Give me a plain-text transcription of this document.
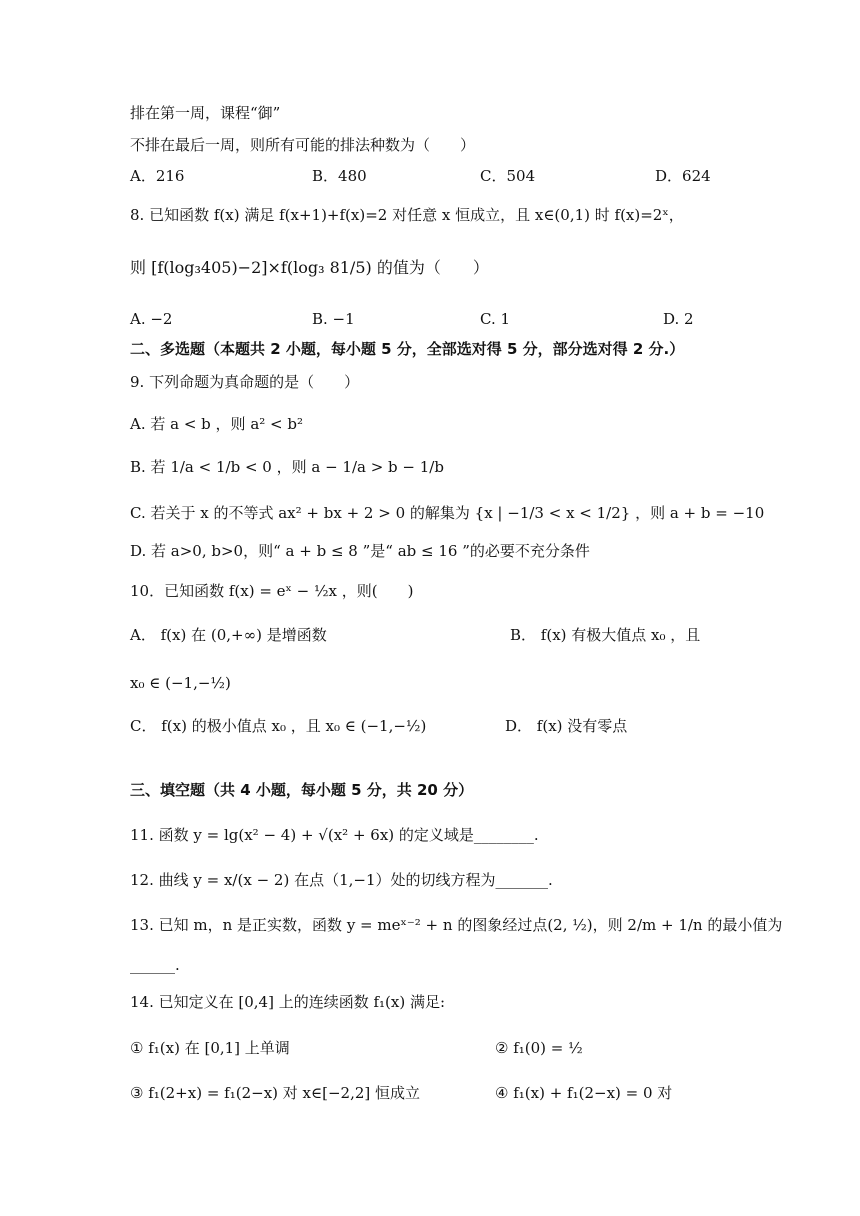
排在第一周，课程“御”
不排在最后一周，则所有可能的排法种数为（　　）
A．216	B．480	C．504	D．624
8. 已知函数 f(x) 满足 f(x+1)+f(x)=2 对任意 x 恒成立，且 x∈(0,1) 时 f(x)=2ˣ，
则 [f(log₃405)−2]×f(log₃ 81/5) 的值为（　　）
A. −2	B. −1	C. 1	D. 2
二、多选题（本题共 2 小题，每小题 5 分，全部选对得 5 分，部分选对得 2 分.）
9. 下列命题为真命题的是（　　）
A. 若 a < b ，则 a² < b²
B. 若 1/a < 1/b < 0 ，则 a − 1/a > b − 1/b
C. 若关于 x 的不等式 ax² + bx + 2 > 0 的解集为 {x | −1/3 < x < 1/2} ，则 a + b = −10
D. 若 a>0, b>0，则“ a + b ≤ 8 ”是“ ab ≤ 16 ”的必要不充分条件
10．已知函数 f(x) = eˣ − ½x ，则(　　)
A． f(x) 在 (0,+∞) 是增函数	B． f(x) 有极大值点 x₀ ，且
x₀ ∈ (−1,−½)
C． f(x) 的极小值点 x₀ ，且 x₀ ∈ (−1,−½)	D． f(x) 没有零点
三、填空题（共 4 小题，每小题 5 分，共 20 分）
11. 函数 y = lg(x² − 4) + √(x² + 6x) 的定义域是________.
12. 曲线 y = x/(x − 2) 在点（1,−1）处的切线方程为_______.
13. 已知 m，n 是正实数，函数 y = meˣ⁻² + n 的图象经过点(2, ½)，则 2/m + 1/n 的最小值为
______.
14. 已知定义在 [0,4] 上的连续函数 f₁(x) 满足:
① f₁(x) 在 [0,1] 上单调	② f₁(0) = ½
③ f₁(2+x) = f₁(2−x) 对 x∈[−2,2] 恒成立	④ f₁(x) + f₁(2−x) = 0 对
